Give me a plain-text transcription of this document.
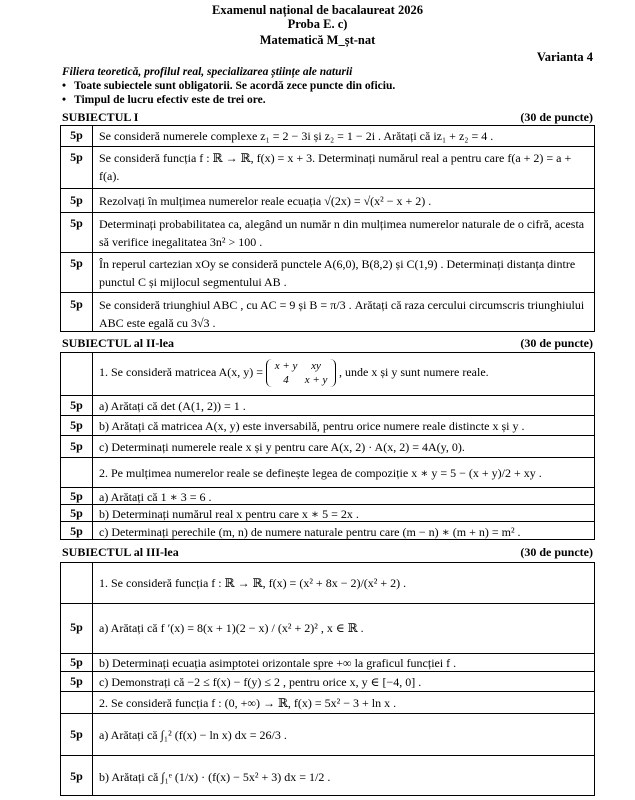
Examenul național de bacalaureat 2026
Proba E. c)
Matematică M_șt-nat
Varianta 4
Filiera teoretică, profilul real, specializarea științe ale naturii
• Toate subiectele sunt obligatorii. Se acordă zece puncte din oficiu.
• Timpul de lucru efectiv este de trei ore.
SUBIECTUL I	(30 de puncte)
5p	Se consideră numerele complexe z₁ = 2 − 3i și z₂ = 1 − 2i . Arătați că iz₁ + z₂ = 4 .
5p	Se consideră funcția f : ℝ → ℝ, f(x) = x + 3. Determinați numărul real a pentru care f(a + 2) = a + f(a).
5p	Rezolvați în mulțimea numerelor reale ecuația √(2x) = √(x² − x + 2) .
5p	Determinați probabilitatea ca, alegând un număr n din mulțimea numerelor naturale de o cifră, acesta să verifice inegalitatea 3n² > 100 .
5p	În reperul cartezian xOy se consideră punctele A(6,0), B(8,2) și C(1,9) . Determinați distanța dintre punctul C și mijlocul segmentului AB .
5p	Se consideră triunghiul ABC , cu AC = 9 și B = π/3 . Arătați că raza cercului circumscris triunghiului ABC este egală cu 3√3 .
SUBIECTUL al II-lea	(30 de puncte)
1. Se consideră matricea A(x, y) = x + y xy
4 x + y , unde x și y sunt numere reale.
5p	a) Arătați că det (A(1, 2)) = 1 .
5p	b) Arătați că matricea A(x, y) este inversabilă, pentru orice numere reale distincte x și y .
5p	c) Determinați numerele reale x și y pentru care A(x, 2) · A(x, 2) = 4A(y, 0).
2. Pe mulțimea numerelor reale se definește legea de compoziție x ∗ y = 5 − (x + y)/2 + xy .
5p	a) Arătați că 1 ∗ 3 = 6 .
5p	b) Determinați numărul real x pentru care x ∗ 5 = 2x .
5p	c) Determinați perechile (m, n) de numere naturale pentru care (m − n) ∗ (m + n) = m² .
SUBIECTUL al III-lea	(30 de puncte)
1. Se consideră funcția f : ℝ → ℝ, f(x) = (x² + 8x − 2)/(x² + 2) .
5p	a) Arătați că f ′(x) = 8(x + 1)(2 − x) / (x² + 2)² , x ∈ ℝ .
5p	b) Determinați ecuația asimptotei orizontale spre +∞ la graficul funcției f .
5p	c) Demonstrați că −2 ≤ f(x) − f(y) ≤ 2 , pentru orice x, y ∈ [−4, 0] .
2. Se consideră funcția f : (0, +∞) → ℝ, f(x) = 5x² − 3 + ln x .
5p	a) Arătați că ∫₁² (f(x) − ln x) dx = 26/3 .
5p	b) Arătați că ∫₁ᵉ (1/x) · (f(x) − 5x² + 3) dx = 1/2 .
